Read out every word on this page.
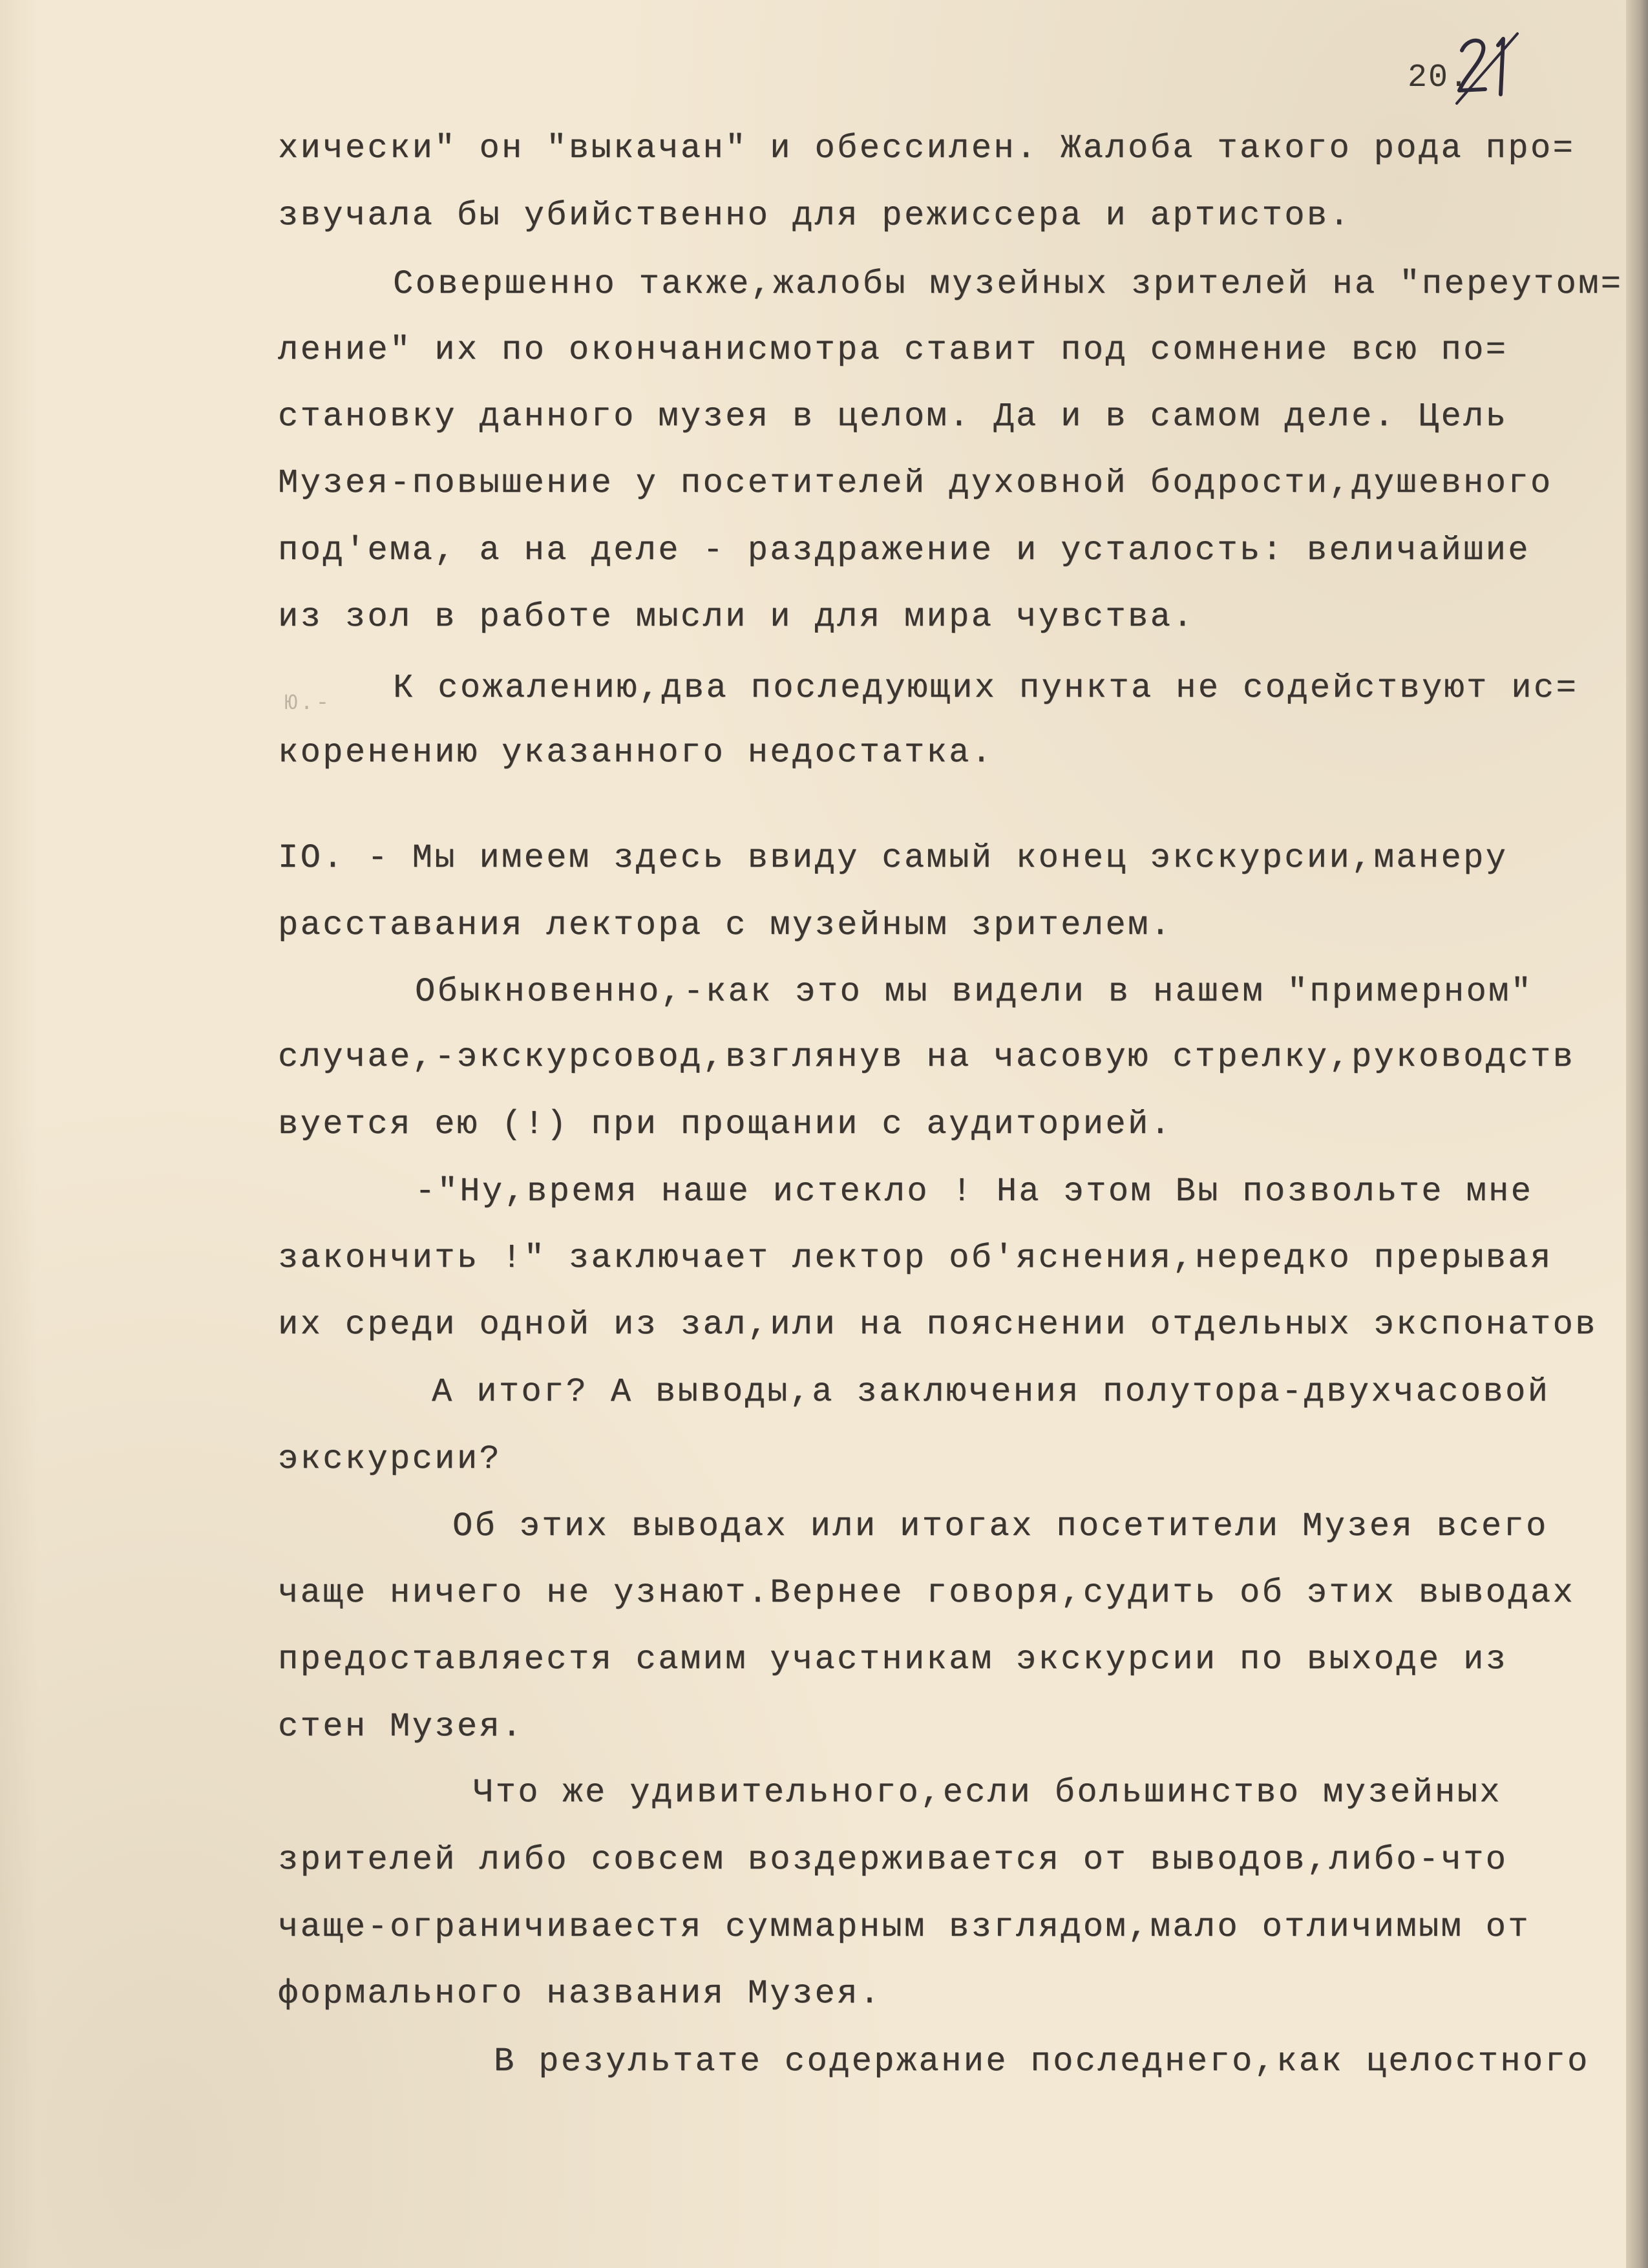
20.
Ю.-
хически" он "выкачан" и обессилен. Жалоба такого рода про=
звучала бы убийственно для режиссера и артистов.
Совершенно также,жалобы музейных зрителей на "переутом=
ление" их по окончанисмотра ставит под сомнение всю по=
становку данного музея в целом. Да и в самом деле. Цель
Музея-повышение у посетителей духовной бодрости,душевного
под'ема, а на деле - раздражение и усталость: величайшие
из зол в работе мысли и для мира чувства.
К сожалению,два последующих пункта не содействуют ис=
коренению указанного недостатка.
IO. - Мы имеем здесь ввиду самый конец экскурсии,манеру
расставания лектора с музейным зрителем.
Обыкновенно,-как это мы видели в нашем "примерном"
случае,-экскурсовод,взглянув на часовую стрелку,руководств
вуется ею (!) при прощании с аудиторией.
-"Ну,время наше истекло ! На этом Вы позвольте мне
закончить !" заключает лектор об'яснения,нередко прерывая
их среди одной из зал,или на пояснении отдельных экспонатов
А итог? А выводы,а заключения полутора-двухчасовой
экскурсии?
Об этих выводах или итогах посетители Музея всего
чаще ничего не узнают.Вернее говоря,судить об этих выводах
предоставляестя самим участникам экскурсии по выходе из
стен Музея.
Что же удивительного,если большинство музейных
зрителей либо совсем воздерживается от выводов,либо-что
чаще-ограничиваестя суммарным взглядом,мало отличимым от
формального названия Музея.
В результате содержание последнего,как целостного
